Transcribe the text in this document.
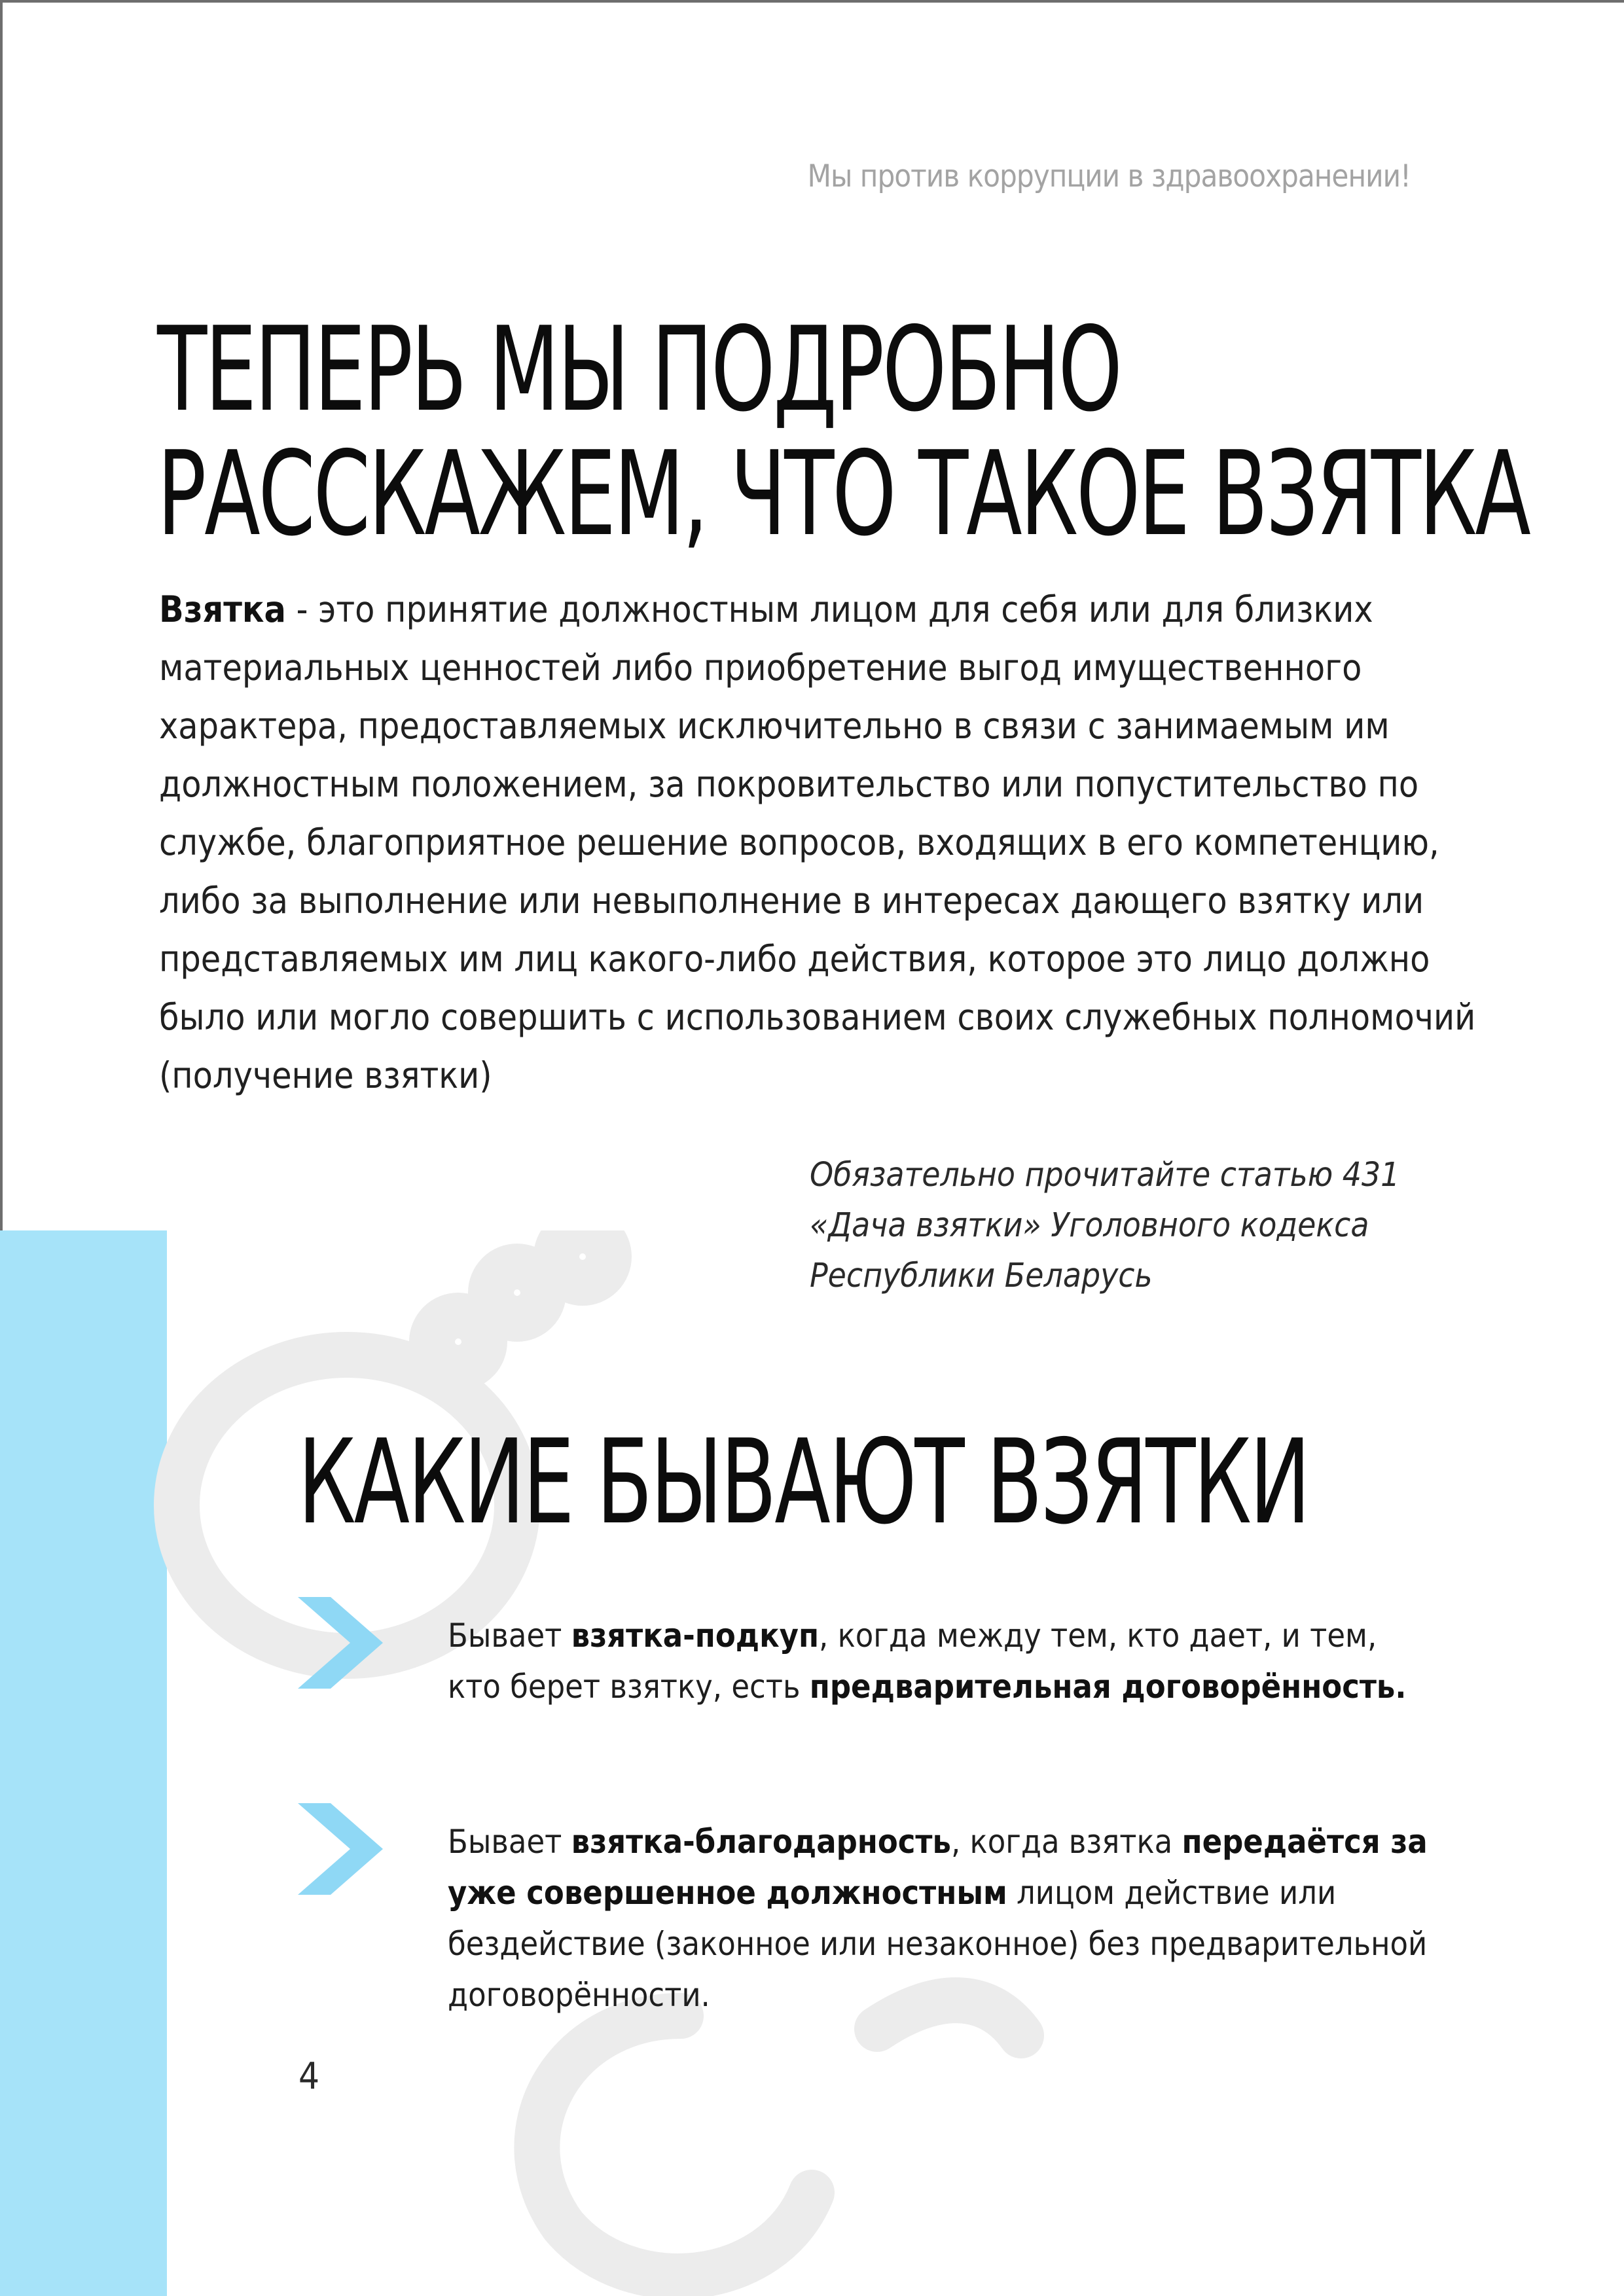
Мы против коррупции в здравоохранении!
ТЕПЕРЬ МЫ ПОДРОБНО
РАССКАЖЕМ, ЧТО ТАКОЕ ВЗЯТКА
Взятка - это принятие должностным лицом для себя или для близких материальных ценностей либо приобретение выгод имущественного характера, предоставляемых исключительно в связи с занимаемым им должностным положением, за покровительство или попустительство по службе, благоприятное решение вопросов, входящих в его компетенцию, либо за выполнение или невыполнение в интересах дающего взятку или представляемых им лиц какого-либо действия, которое это лицо должно было или могло совершить с использованием своих служебных полномочий (получение взятки)
Обязательно прочитайте статью 431
«Дача взятки» Уголовного кодекса
Республики Беларусь
КАКИЕ БЫВАЮТ ВЗЯТКИ
Бывает взятка-подкуп, когда между тем, кто дает, и тем, кто берет взятку, есть предварительная договорённость.
Бывает взятка-благодарность, когда взятка передаётся за уже совершенное должностным лицом действие или бездействие (законное или незаконное) без предварительной договорённости.
4
